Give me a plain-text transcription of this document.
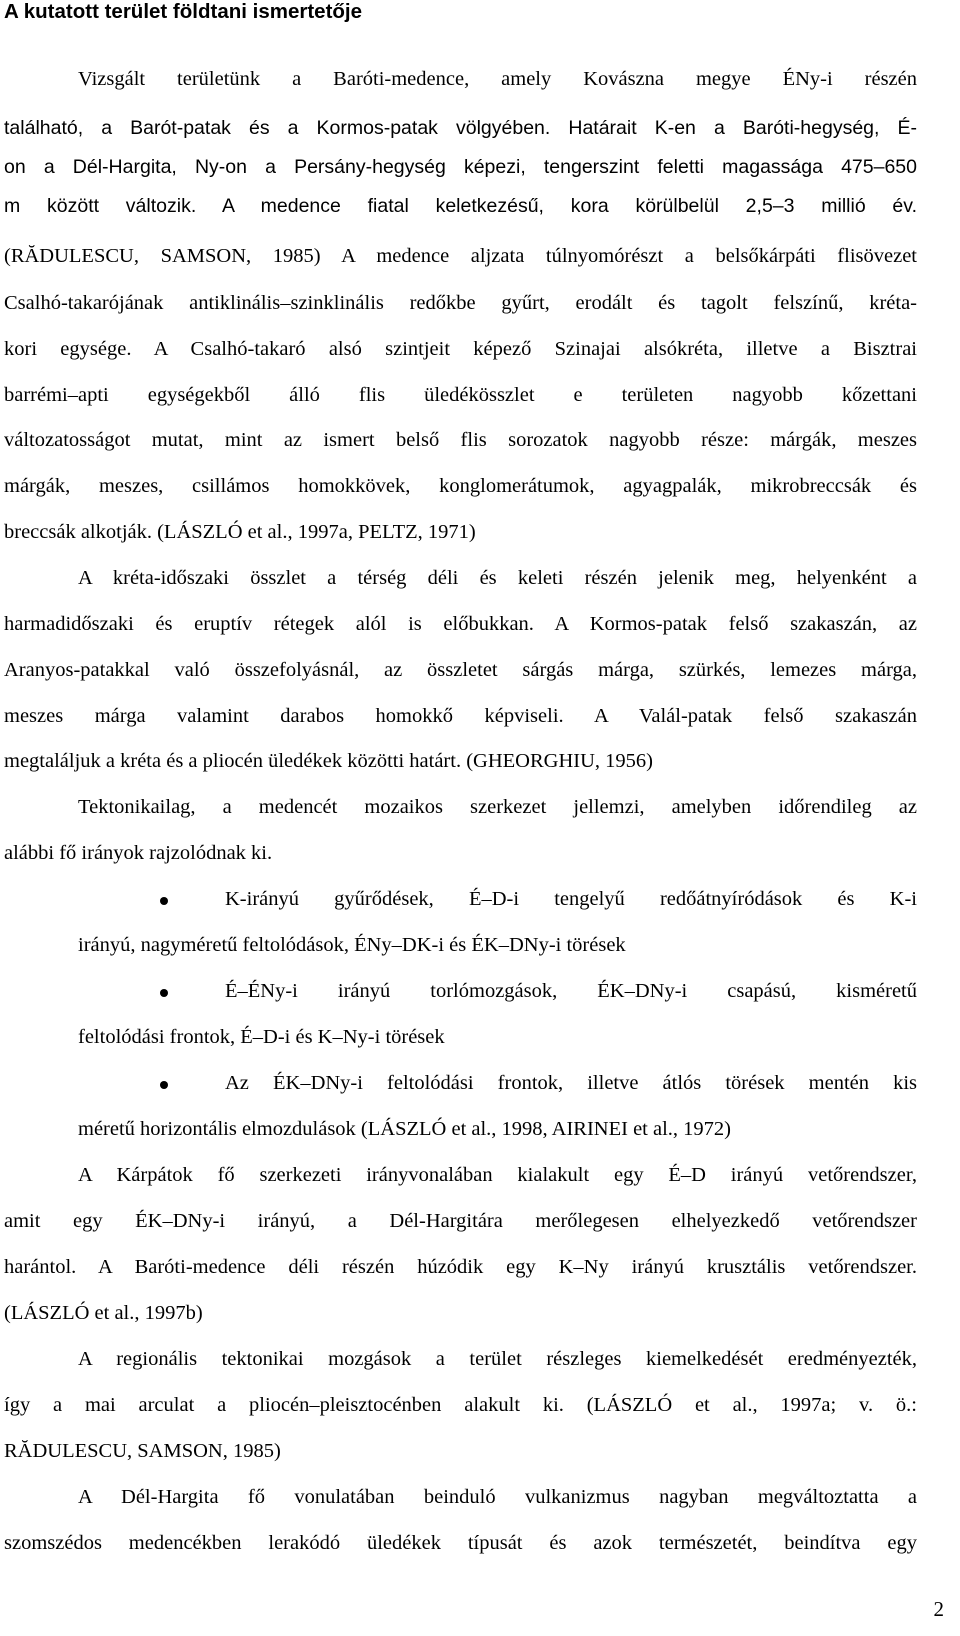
A kutatott terület földtani ismertetője
Vizsgált területünk a Baróti-medence, amely Kovászna megye ÉNy-i részén
található, a Barót-patak és a Kormos-patak völgyében. Határait K-en a Baróti-hegység, É-
on a Dél-Hargita, Ny-on a Persány-hegység képezi, tengerszint feletti magassága 475–650
m között változik. A medence fiatal keletkezésű, kora körülbelül 2,5–3 millió év.
(RĂDULESCU, SAMSON, 1985) A medence aljzata túlnyomórészt a belsőkárpáti flisövezet
Csalhó-takarójának antiklinális–szinklinális redőkbe gyűrt, erodált és tagolt felszínű, kréta-
kori egysége. A Csalhó-takaró alsó szintjeit képező Szinajai alsókréta, illetve a Bisztrai
barrémi–apti egységekből álló flis üledékösszlet e területen nagyobb kőzettani
változatosságot mutat, mint az ismert belső flis sorozatok nagyobb része: márgák, meszes
márgák, meszes, csillámos homokkövek, konglomerátumok, agyagpalák, mikrobreccsák és
breccsák alkotják. (LÁSZLÓ et al., 1997a, PELTZ, 1971)
A kréta-időszaki összlet a térség déli és keleti részén jelenik meg, helyenként a
harmadidőszaki és eruptív rétegek alól is előbukkan. A Kormos-patak felső szakaszán, az
Aranyos-patakkal való összefolyásnál, az összletet sárgás márga, szürkés, lemezes márga,
meszes márga valamint darabos homokkő képviseli. A Valál-patak felső szakaszán
megtaláljuk a kréta és a pliocén üledékek közötti határt. (GHEORGHIU, 1956)
Tektonikailag, a medencét mozaikos szerkezet jellemzi, amelyben időrendileg az
alábbi fő irányok rajzolódnak ki.
K-irányú gyűrődések, É–D-i tengelyű redőátnyíródások és K-i
irányú, nagyméretű feltolódások, ÉNy–DK-i és ÉK–DNy-i törések
É–ÉNy-i irányú torlómozgások, ÉK–DNy-i csapású, kisméretű
feltolódási frontok, É–D-i és K–Ny-i törések
Az ÉK–DNy-i feltolódási frontok, illetve átlós törések mentén kis
méretű horizontális elmozdulások (LÁSZLÓ et al., 1998, AIRINEI et al., 1972)
A Kárpátok fő szerkezeti irányvonalában kialakult egy É–D irányú vetőrendszer,
amit egy ÉK–DNy-i irányú, a Dél-Hargitára merőlegesen elhelyezkedő vetőrendszer
harántol. A Baróti-medence déli részén húzódik egy K–Ny irányú krusztális vetőrendszer.
(LÁSZLÓ et al., 1997b)
A regionális tektonikai mozgások a terület részleges kiemelkedését eredményezték,
így a mai arculat a pliocén–pleisztocénben alakult ki. (LÁSZLÓ et al., 1997a; v. ö.:
RĂDULESCU, SAMSON, 1985)
A Dél-Hargita fő vonulatában beinduló vulkanizmus nagyban megváltoztatta a
szomszédos medencékben lerakódó üledékek típusát és azok természetét, beindítva egy
2
